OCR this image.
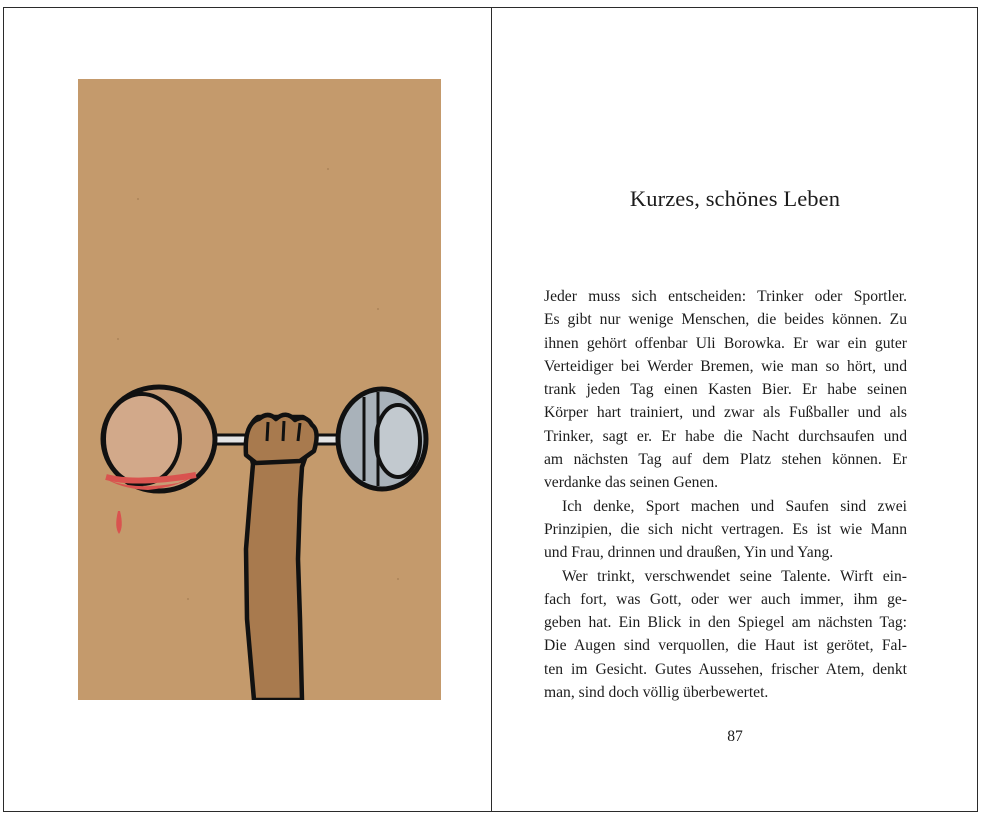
Kurzes, schönes Leben

Jeder muss sich entscheiden: Trinker oder Sportler.
Es gibt nur wenige Menschen, die beides können. Zu
ihnen gehört offenbar Uli Borowka. Er war ein guter
Verteidiger bei Werder Bremen, wie man so hört, und
trank jeden Tag einen Kasten Bier. Er habe seinen
Körper hart trainiert, und zwar als Fußballer und als
Trinker, sagt er. Er habe die Nacht durchsaufen und
am nächsten Tag auf dem Platz stehen können. Er
verdanke das seinen Genen.

Ich denke, Sport machen und Saufen sind zwei
Prinzipien, die sich nicht vertragen. Es ist wie Mann
und Frau, drinnen und draußen, Yin und Yang.

Wer trinkt, verschwendet seine Talente. Wirft ein-
fach fort, was Gott, oder wer auch immer, ihm ge-
geben hat. Ein Blick in den Spiegel am nächsten Tag:
Die Augen sind verquollen, die Haut ist gerötet, Fal-
ten im Gesicht. Gutes Aussehen, frischer Atem, denkt
man, sind doch völlig überbewertet.

87
